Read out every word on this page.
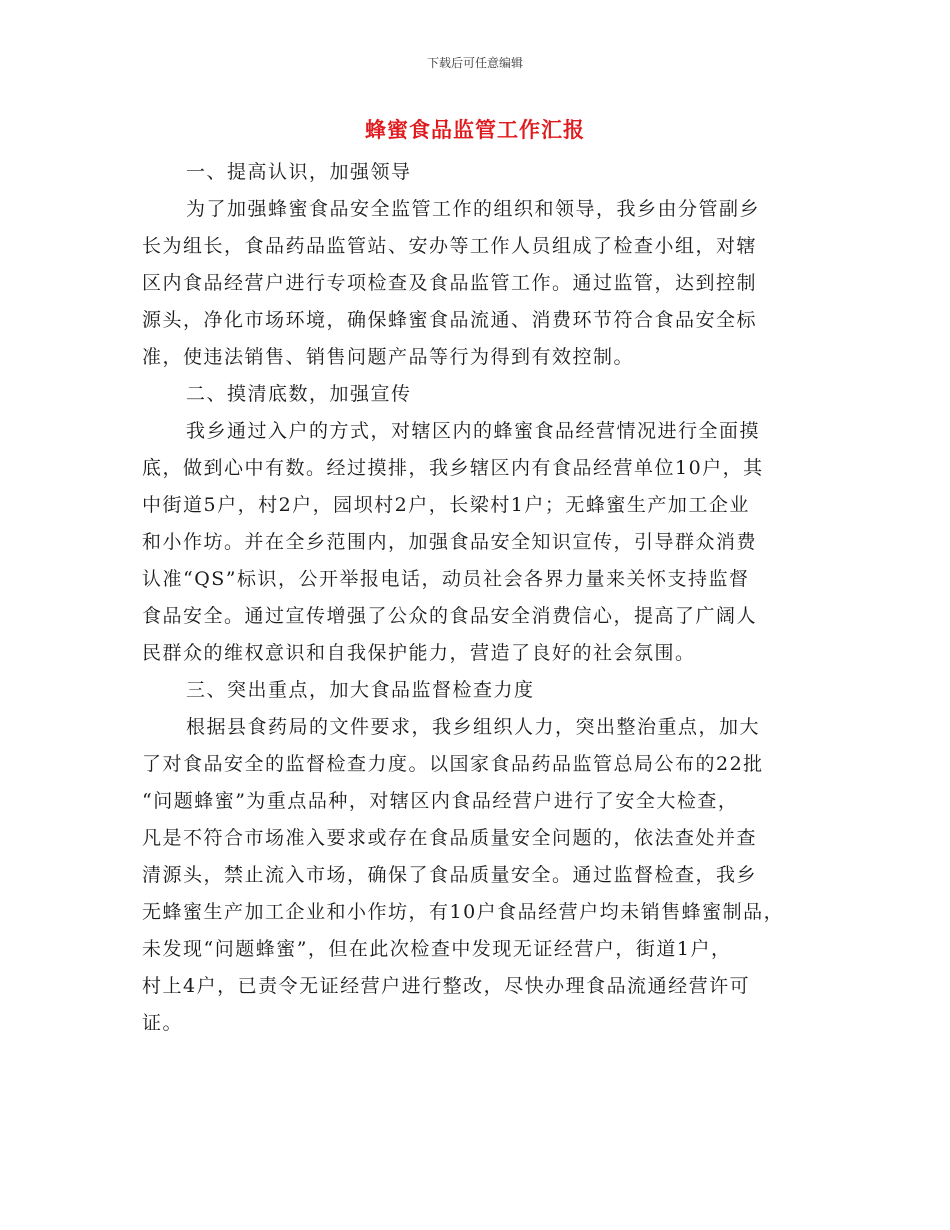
下载后可任意编辑
蜂蜜食品监管工作汇报
一、提高认识，加强领导
为了加强蜂蜜食品安全监管工作的组织和领导，我乡由分管副乡
长为组长，食品药品监管站、安办等工作人员组成了检查小组，对辖
区内食品经营户进行专项检查及食品监管工作。通过监管，达到控制
源头，净化市场环境，确保蜂蜜食品流通、消费环节符合食品安全标
准，使违法销售、销售问题产品等行为得到有效控制。
二、摸清底数，加强宣传
我乡通过入户的方式，对辖区内的蜂蜜食品经营情况进行全面摸
底，做到心中有数。经过摸排，我乡辖区内有食品经营单位10户，其
中街道5户，村2户，园坝村2户，长梁村1户；无蜂蜜生产加工企业
和小作坊。并在全乡范围内，加强食品安全知识宣传，引导群众消费
认准“QS”标识，公开举报电话，动员社会各界力量来关怀支持监督
食品安全。通过宣传增强了公众的食品安全消费信心，提高了广阔人
民群众的维权意识和自我保护能力，营造了良好的社会氛围。
三、突出重点，加大食品监督检查力度
根据县食药局的文件要求，我乡组织人力，突出整治重点，加大
了对食品安全的监督检查力度。以国家食品药品监管总局公布的22批
“问题蜂蜜”为重点品种，对辖区内食品经营户进行了安全大检查，
凡是不符合市场准入要求或存在食品质量安全问题的，依法查处并查
清源头，禁止流入市场，确保了食品质量安全。通过监督检查，我乡
无蜂蜜生产加工企业和小作坊，有10户食品经营户均未销售蜂蜜制品，
未发现“问题蜂蜜”，但在此次检查中发现无证经营户，街道1户，
村上4户，已责令无证经营户进行整改，尽快办理食品流通经营许可
证。
